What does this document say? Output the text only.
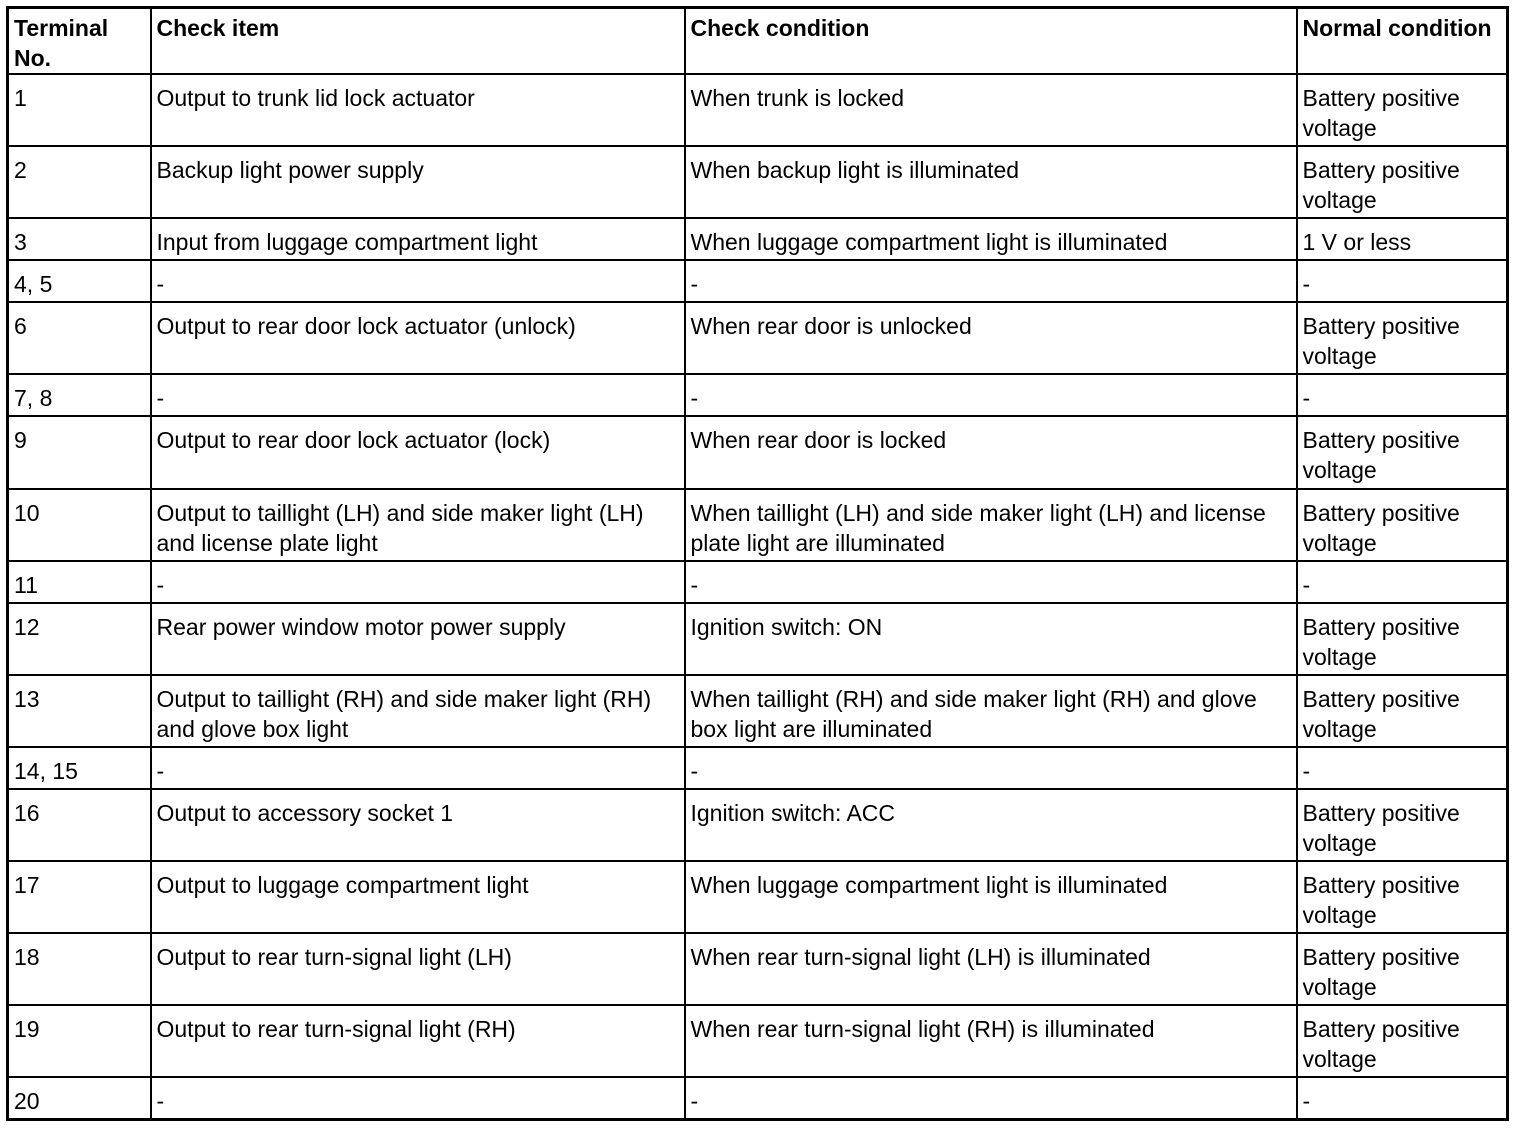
Terminal No.	Check item	Check condition	Normal condition
1	Output to trunk lid lock actuator	When trunk is locked	Battery positive voltage
2	Backup light power supply	When backup light is illuminated	Battery positive voltage
3	Input from luggage compartment light	When luggage compartment light is illuminated	1 V or less
4, 5	-	-	-
6	Output to rear door lock actuator (unlock)	When rear door is unlocked	Battery positive voltage
7, 8	-	-	-
9	Output to rear door lock actuator (lock)	When rear door is locked	Battery positive voltage
10	Output to taillight (LH) and side maker light (LH) and license plate light	When taillight (LH) and side maker light (LH) and license plate light are illuminated	Battery positive voltage
11	-	-	-
12	Rear power window motor power supply	Ignition switch: ON	Battery positive voltage
13	Output to taillight (RH) and side maker light (RH) and glove box light	When taillight (RH) and side maker light (RH) and glove box light are illuminated	Battery positive voltage
14, 15	-	-	-
16	Output to accessory socket 1	Ignition switch: ACC	Battery positive voltage
17	Output to luggage compartment light	When luggage compartment light is illuminated	Battery positive voltage
18	Output to rear turn-signal light (LH)	When rear turn-signal light (LH) is illuminated	Battery positive voltage
19	Output to rear turn-signal light (RH)	When rear turn-signal light (RH) is illuminated	Battery positive voltage
20	-	-	-
